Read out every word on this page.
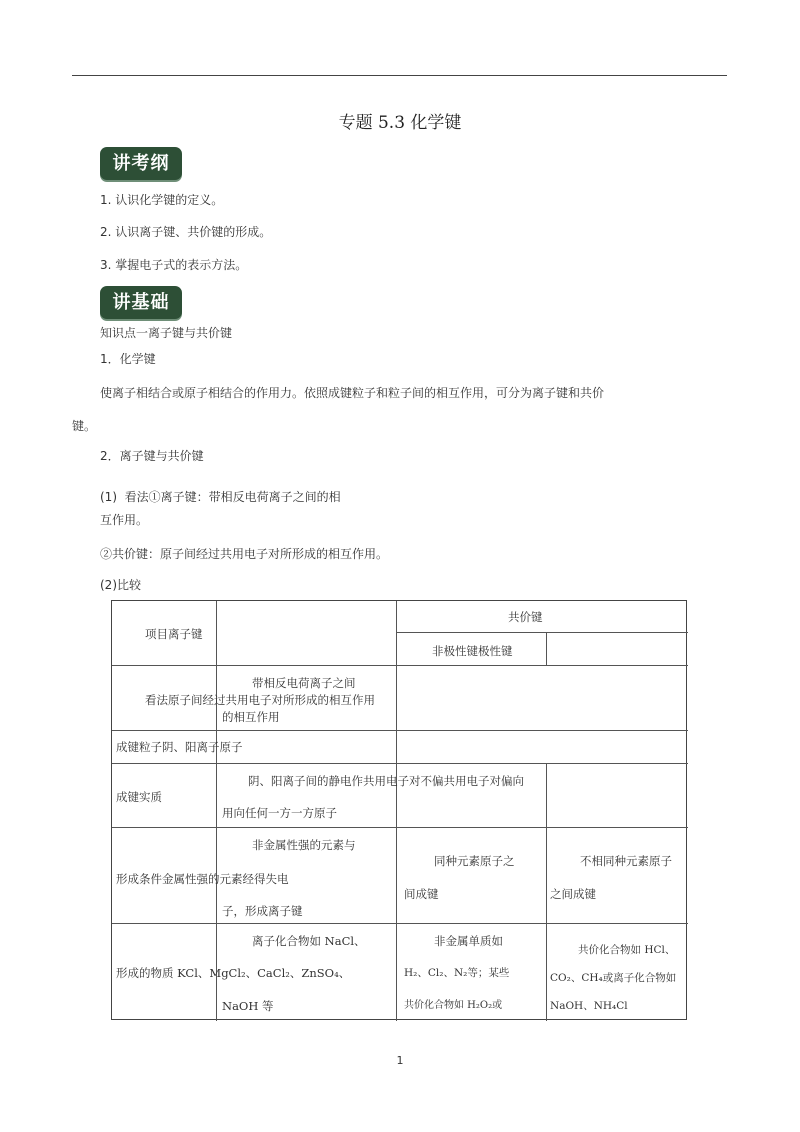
专题 5.3 化学键
讲考纲
1. 认识化学键的定义。
2. 认识离子键、共价键的形成。
3. 掌握电子式的表示方法。
讲基础
知识点一离子键与共价键
1．化学键
使离子相结合或原子相结合的作用力。依照成键粒子和粒子间的相互作用，可分为离子键和共价
键。
2．离子键与共价键
(1) 看法①离子键：带相反电荷离子之间的相
互作用。
②共价键：原子间经过共用电子对所形成的相互作用。
(2)比较
项目离子键
共价键
非极性键极性键
带相反电荷离子之间
看法原子间经过共用电子对所形成的相互作用
的相互作用
成键粒子阴、阳离子原子
成键实质
阴、阳离子间的静电作共用电子对不偏共用电子对偏向
用向任何一方一方原子
非金属性强的元素与
形成条件金属性强的元素经得失电
子，形成离子键
同种元素原子之
间成键
不相同种元素原子
之间成键
离子化合物如 NaCl、
形成的物质 KCl、MgCl₂、CaCl₂、ZnSO₄、
NaOH 等
非金属单质如
H₂、Cl₂、N₂等；某些
共价化合物如 H₂O₂或
共价化合物如 HCl、
CO₂、CH₄或离子化合物如
NaOH、NH₄Cl
1
